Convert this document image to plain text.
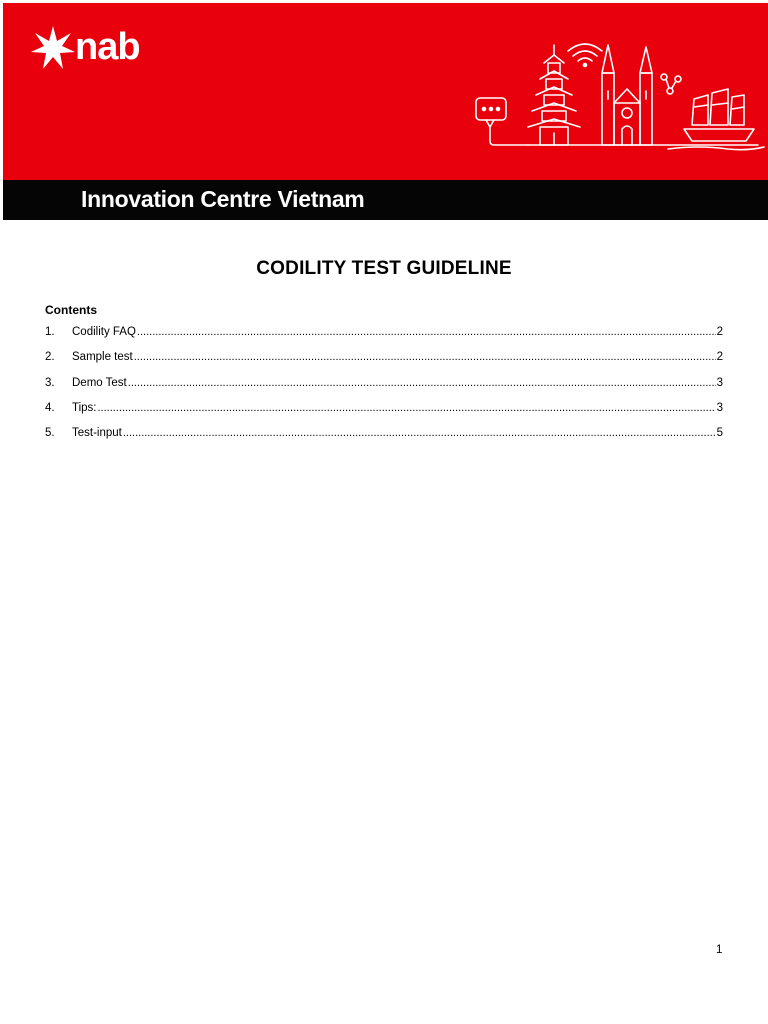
nab
Innovation Centre Vietnam
CODILITY TEST GUIDELINE
Contents
1.	Codility FAQ .....	2
2.	Sample test .....	2
3.	Demo Test .....	3
4.	Tips: .....	3
5.	Test-input .....	5
1
